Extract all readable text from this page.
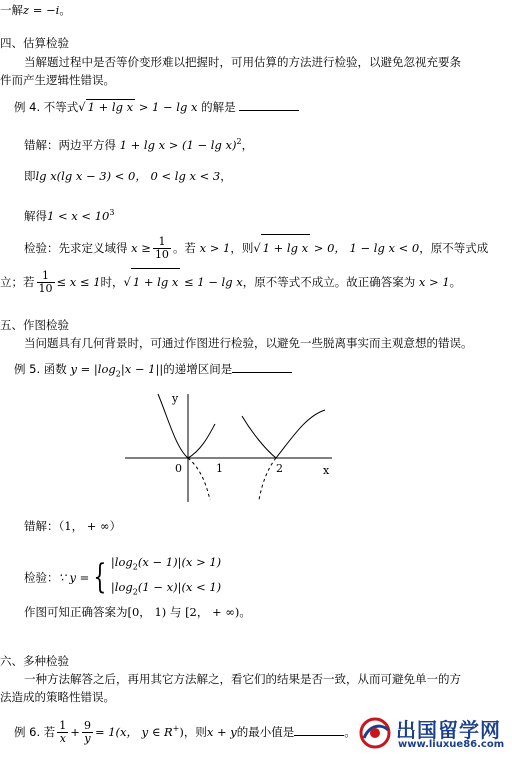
一解z = −i。
四、估算检验
当解题过程中是否等价变形难以把握时，可用估算的方法进行检验，以避免忽视充要条
件而产生逻辑性错误。
例 4. 不等式√ 1 + lg x > 1 − lg x 的解是
错解：两边平方得 $1 + \lg x > (1 - \lg x)^2$，
即lg x(lg x − 3) < 0， 0 < lg x < 3，
解得$1 < x < 10^3$
检验：先求定义域得 $x \ge \frac{1}{10}$ 。若 x > 1，则√ 1 + lg x > 0， 1 − lg x < 0，原不等式成
立；若 $\frac{1}{10} \le x \le 1$时，√ 1 + lg x ≤ 1 − lg x，原不等式不成立。故正确答案为 x > 1。
五、作图检验
当问题具有几何背景时，可通过作图进行检验，以避免一些脱离事实而主观意想的错误。
例 5. 函数 $y = |\log_2|x - 1||$的递增区间是
y
x
0	1	2
错解：（1， + ∞）
检验：∵ y = { $|\log_2(x - 1)|(x > 1)$
$|\log_2(1 - x)|(x < 1)$
作图可知正确答案为[0， 1) 与 [2， + ∞)。
六、多种检验
一种方法解答之后，再用其它方法解之，看它们的结果是否一致，从而可避免单一的方
法造成的策略性错误。
例 6. 若 $\frac{1}{x} + \frac{9}{y} = 1(x$， y ∈ R+)，则x + y的最小值是	。 出国留学网
www.liuxue86.com
